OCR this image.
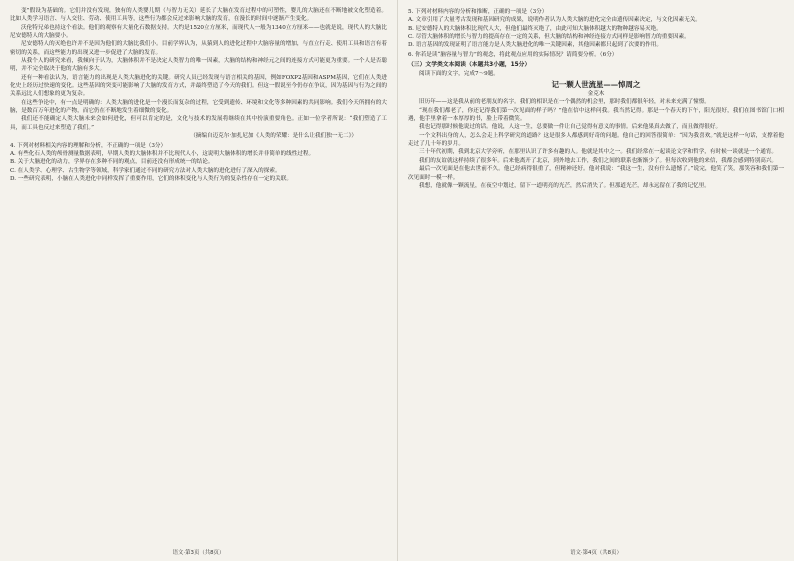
变”假设为基础的。它们并没有发现，独有的人类婴儿期（与智力无关）延长了大脑在发育过程中的可塑性，婴儿的大脑还在不断地被文化塑造着。比如人类学习语言、与人交往、劳动、使用工具等，这些行为都会反过来影响大脑的发育，在漫长的时间中逐渐产生变化。

沃伦特兄弟也持这个看法。他们的观察有大量化石数据支持。大约是1520立方厘米，而现代人一般为1340立方厘米——也就是说，现代人的大脑比尼安德特人的大脑要小。

尼安德特人的灭绝也许并不是因为他们的大脑比我们小。目前学界认为，从猿到人的进化过程中大脑容量的增加，与直立行走、使用工具和语言有着密切的关系，而这些能力的出现又进一步促进了大脑的发育。

从我个人的研究来看，我倾向于认为，大脑体积并不是决定人类智力的唯一因素，大脑的结构和神经元之间的连接方式可能更为重要。一个人是否聪明，并不完全取决于他的大脑有多大。

还有一种看法认为，语言能力的出现是人类大脑进化的关键。研究人员已经发现与语言相关的基因，例如FOXP2基因和ASPM基因，它们在人类进化史上经历过快速的变化。这些基因的突变可能影响了大脑的发育方式，并最终塑造了今天的我们。但这一假说至今仍存在争议，因为基因与行为之间的关系远比人们想象的更为复杂。

在这些争论中，有一点是明确的：人类大脑的进化是一个漫长而复杂的过程，它受到遗传、环境和文化等多种因素的共同影响。我们今天所拥有的大脑，是数百万年进化的产物，而它仍在不断地发生着细微的变化。

我们还不能确定人类大脑未来会如何进化，但可以肯定的是，文化与技术的发展将继续在其中扮演重要角色。正如一位学者所说：“我们塑造了工具，而工具也反过来塑造了我们。”

（摘编自迈克尔·加扎尼加《人类的荣耀：是什么让我们独一无二》）

4. 下列对材料相关内容的理解和分析，不正确的一项是（3分）

A. 有些化石人类的颅骨测量数据表明，早期人类的大脑体积并不比现代人小，这说明大脑体积的增长并非简单的线性过程。

B. 关于大脑进化的动力，学界存在多种不同的观点，目前还没有形成统一的结论。

C. 在人类学、心理学、古生物学等领域，科学家们通过不同的研究方法对人类大脑的进化进行了深入的探索。

D. 一些研究表明，小脑在人类进化中同样发挥了重要作用，它们的体积变化与人类行为的复杂性存在一定的关联。

语文·第3页（共8页）

5. 下列对材料内容的分析和推断，正确的一项是（3分）

A. 文章引用了大量考古发现和基因研究的成果，说明作者认为人类大脑的进化完全由遗传因素决定，与文化因素无关。

B. 尼安德特人的大脑体积比现代人大，但他们最终灭绝了，由此可知大脑体积越大的物种越容易灭绝。

C. 尽管大脑体积的增长与智力的提高存在一定的关系，但大脑的结构和神经连接方式同样是影响智力的重要因素。

D. 语言基因的发现证明了语言能力是人类大脑进化的唯一关键因素，其他因素都只起到了次要的作用。

6. 你若是读“脑容量与智力”的观念，将此观点应用的实际情况？请简要分析。（6分）

（三）文学类文本阅读（本题共3小题，15分）

阅读下面的文字，完成7～9题。

记一颗人世流星——悼周之
金克木

旧历年——这是我从前的老朋友的名字。我们的相识是在一个偶然的机会里，那时我们都很年轻，对未来充满了憧憬。

“现在我们都老了，你还记得我们第一次见面的样子吗？”他在信中这样问我。我当然记得。那是一个春天的下午，阳光很好，我们在图书馆门口相遇，他手里拿着一本厚厚的书，脸上带着微笑。

我也记得那时候他说过的话。他说，人这一生，总要做一件让自己觉得有意义的事情。后来他果真去做了，而且做得很好。

一个文科出身的人，怎么会走上科学研究的道路？这是很多人都感到好奇的问题。他自己的回答很简单：“因为我喜欢。”就是这样一句话，支撑着他走过了几十年的岁月。

三十年代初期，我到北京大学旁听，在那里认识了许多有趣的人。他就是其中之一。我们经常在一起谈论文学和哲学，有时候一谈就是一个通宵。

我们的友谊就这样持续了很多年。后来他离开了北京，到外地去工作，我们之间的联系也渐渐少了。但每次收到他的来信，我都会感到特别高兴。

最后一次见面是在他去世前不久。他已经病得很重了，但精神还好。他对我说：“我这一生，没有什么遗憾了。”说完，他笑了笑，那笑容和我们第一次见面时一模一样。

我想，他就像一颗流星，在夜空中划过，留下一道明亮的光芒，然后消失了。但那道光芒，却永远留在了我的记忆里。

语文·第4页（共8页）
